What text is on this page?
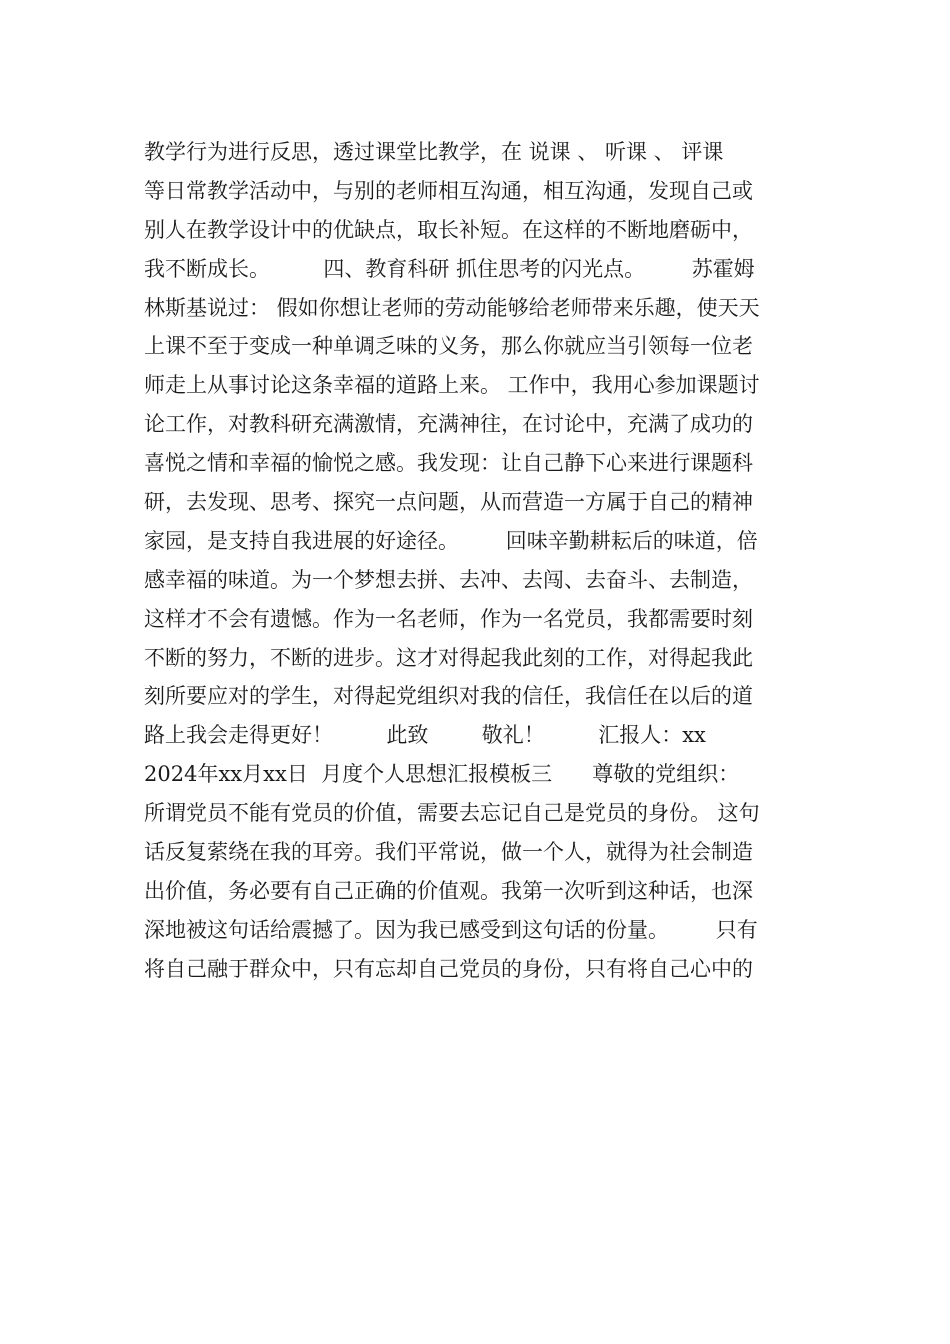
教学行为进行反思，透过课堂比教学，在 说课 、 听课 、 评课
等日常教学活动中，与别的老师相互沟通，相互沟通，发现自己或
别人在教学设计中的优缺点，取长补短。在这样的不断地磨砺中，
我不断成长。        四、教育科研 抓住思考的闪光点。       苏霍姆
林斯基说过： 假如你想让老师的劳动能够给老师带来乐趣，使天天
上课不至于变成一种单调乏味的义务，那么你就应当引领每一位老
师走上从事讨论这条幸福的道路上来。 工作中，我用心参加课题讨
论工作，对教科研充满激情，充满神往，在讨论中，充满了成功的
喜悦之情和幸福的愉悦之感。我发现：让自己静下心来进行课题科
研，去发现、思考、探究一点问题，从而营造一方属于自己的精神
家园，是支持自我进展的好途径。       回味辛勤耕耘后的味道，倍
感幸福的味道。为一个梦想去拼、去冲、去闯、去奋斗、去制造，
这样才不会有遗憾。作为一名老师，作为一名党员，我都需要时刻
不断的努力，不断的进步。这才对得起我此刻的工作，对得起我此
刻所要应对的学生，对得起党组织对我的信任，我信任在以后的道
路上我会走得更好！        此致        敬礼！        汇报人：xx
2024年xx月xx日  月度个人思想汇报模板三      尊敬的党组织：
所谓党员不能有党员的价值，需要去忘记自己是党员的身份。 这句
话反复萦绕在我的耳旁。我们平常说，做一个人，就得为社会制造
出价值，务必要有自己正确的价值观。我第一次听到这种话，也深
深地被这句话给震撼了。因为我已感受到这句话的份量。       只有
将自己融于群众中，只有忘却自己党员的身份，只有将自己心中的
